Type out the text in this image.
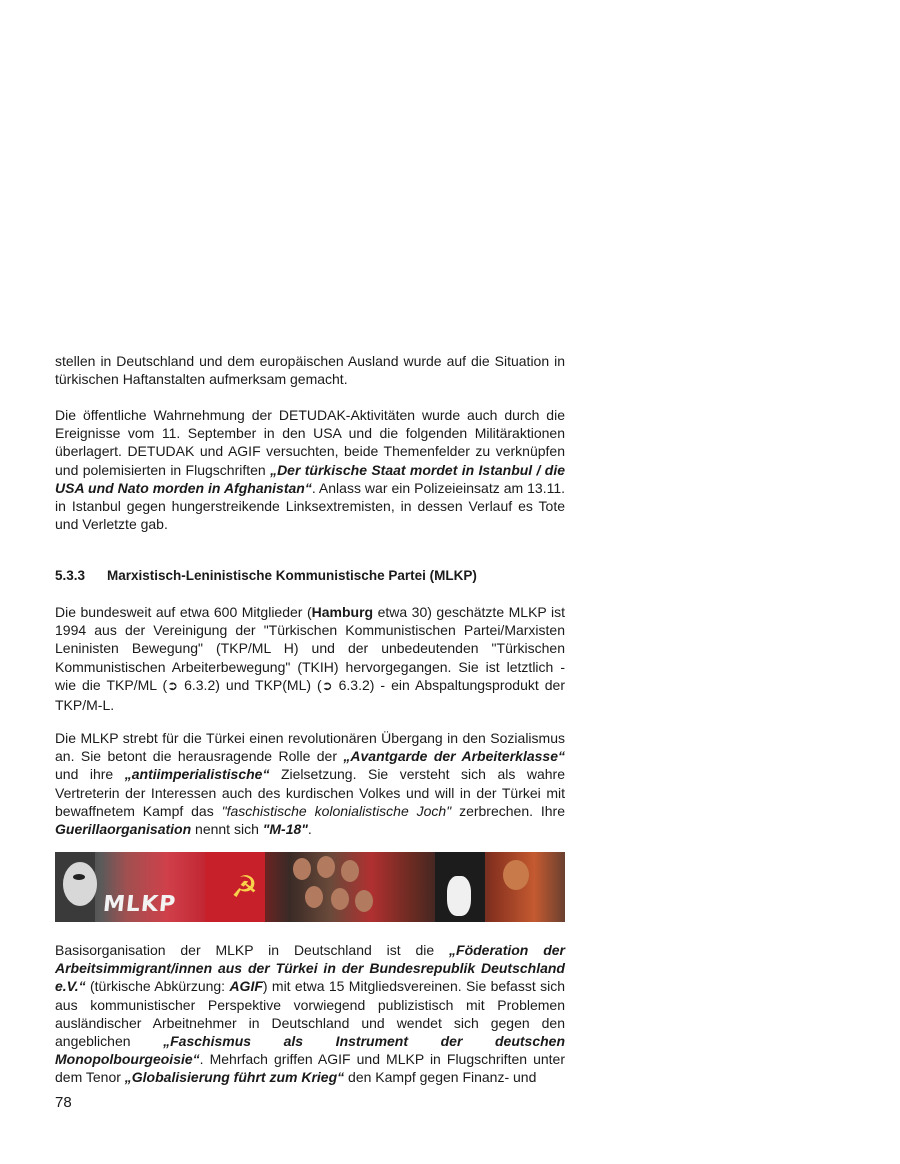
stellen in Deutschland und dem europäischen Ausland wurde auf die Situation in türkischen Haftanstalten aufmerksam gemacht.

Die öffentliche Wahrnehmung der DETUDAK-Aktivitäten wurde auch durch die Ereignisse vom 11. September in den USA und die folgenden Militäraktionen überlagert. DETUDAK und AGIF versuchten, beide Themenfelder zu verknüpfen und polemisierten in Flugschriften „Der türkische Staat mordet in Istanbul / die USA und Nato morden in Afghanistan“. Anlass war ein Polizeieinsatz am 13.11. in Istanbul gegen hungerstreikende Linksextremisten, in dessen Verlauf es Tote und Verletzte gab.

5.3.3 Marxistisch-Leninistische Kommunistische Partei (MLKP)

Die bundesweit auf etwa 600 Mitglieder (Hamburg etwa 30) geschätzte MLKP ist 1994 aus der Vereinigung der "Türkischen Kommunistischen Partei/Marxisten Leninisten Bewegung" (TKP/ML H) und der unbedeutenden "Türkischen Kommunistischen Arbeiterbewegung" (TKIH) hervorgegangen. Sie ist letztlich - wie die TKP/ML (➲ 6.3.2) und TKP(ML) (➲ 6.3.2) - ein Abspaltungsprodukt der TKP/M-L.

Die MLKP strebt für die Türkei einen revolutionären Übergang in den Sozialismus an. Sie betont die herausragende Rolle der „Avantgarde der Arbeiterklasse“ und ihre „antiimperialistische“ Zielsetzung. Sie versteht sich als wahre Vertreterin der Interessen auch des kurdischen Volkes und will in der Türkei mit bewaffnetem Kampf das "faschistische kolonialistische Joch" zerbrechen. Ihre Guerillaorganisation nennt sich "M-18".

☭
MLKP

Basisorganisation der MLKP in Deutschland ist die „Föderation der Arbeitsimmigrant/innen aus der Türkei in der Bundesrepublik Deutschland e.V.“ (türkische Abkürzung: AGIF) mit etwa 15 Mitgliedsvereinen. Sie befasst sich aus kommunistischer Perspektive vorwiegend publizistisch mit Problemen ausländischer Arbeitnehmer in Deutschland und wendet sich gegen den angeblichen „Faschismus als Instrument der deutschen Monopolbourgeoisie“. Mehrfach griffen AGIF und MLKP in Flugschriften unter dem Tenor „Globalisierung führt zum Krieg“ den Kampf gegen Finanz- und

78
